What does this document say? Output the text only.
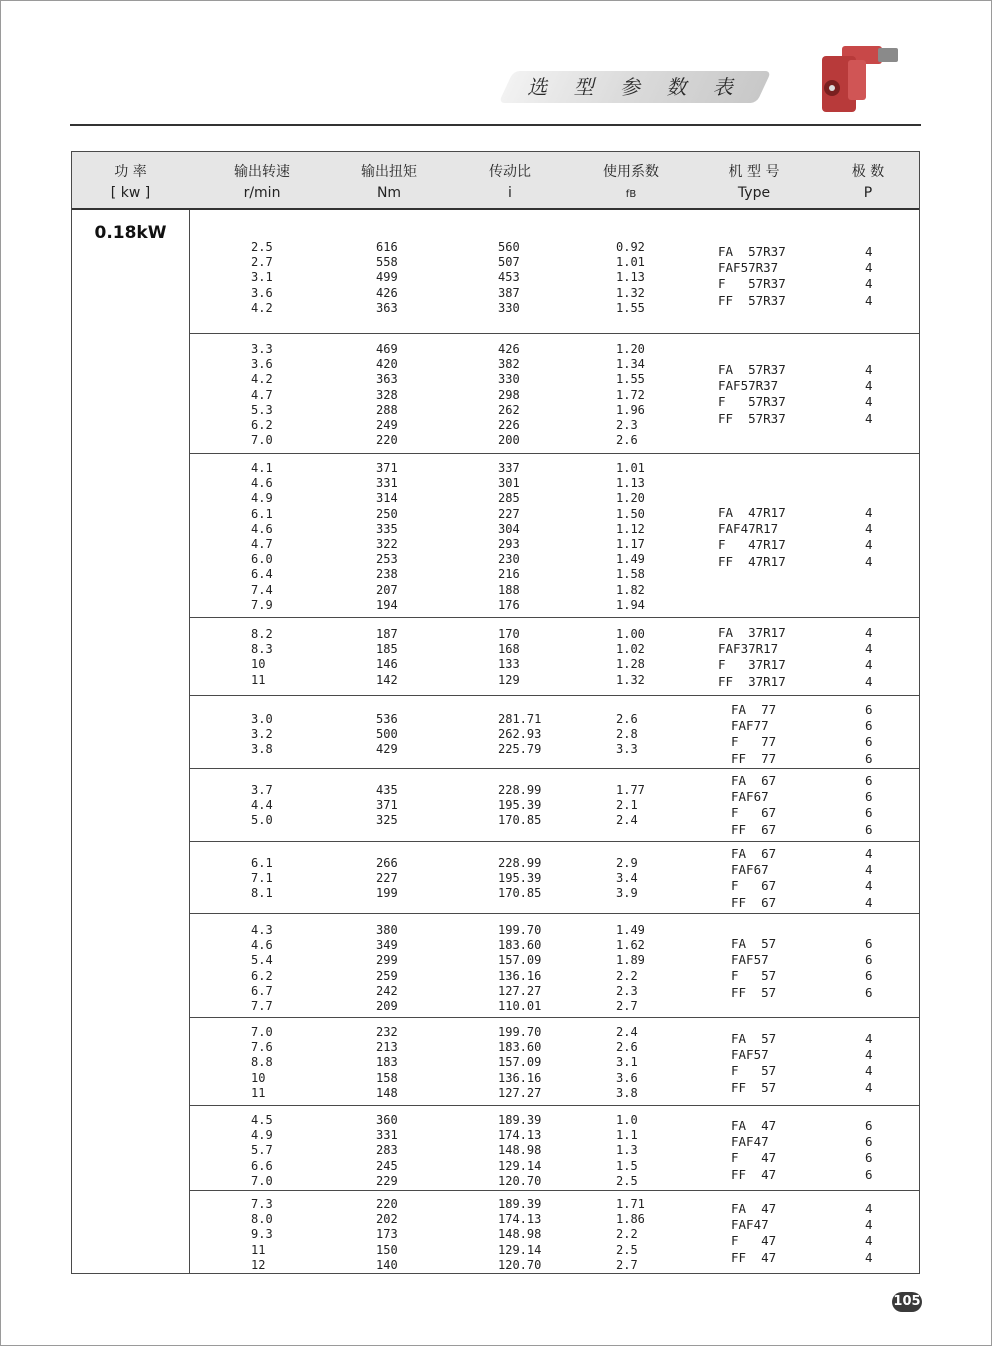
选 型 参 数 表
功 率
[ kw ]
输出转速
r/min
输出扭矩
Nm
传动比
i
使用系数
fB
机 型 号
Type
极 数
P
0.18kW
2.5
2.7
3.1
3.6
4.2
616
558
499
426
363
560
507
453
387
330
0.92
1.01
1.13
1.32
1.55
FA  57R37
FAF57R37
F   57R37
FF  57R37
4
4
4
4
3.3
3.6
4.2
4.7
5.3
6.2
7.0
469
420
363
328
288
249
220
426
382
330
298
262
226
200
1.20
1.34
1.55
1.72
1.96
2.3
2.6
FA  57R37
FAF57R37
F   57R37
FF  57R37
4
4
4
4
4.1
4.6
4.9
6.1
4.6
4.7
6.0
6.4
7.4
7.9
371
331
314
250
335
322
253
238
207
194
337
301
285
227
304
293
230
216
188
176
1.01
1.13
1.20
1.50
1.12
1.17
1.49
1.58
1.82
1.94
FA  47R17
FAF47R17
F   47R17
FF  47R17
4
4
4
4
8.2
8.3
10
11
187
185
146
142
170
168
133
129
1.00
1.02
1.28
1.32
FA  37R17
FAF37R17
F   37R17
FF  37R17
4
4
4
4
3.0
3.2
3.8
536
500
429
281.71
262.93
225.79
2.6
2.8
3.3
FA  77
FAF77
F   77
FF  77
6
6
6
6
3.7
4.4
5.0
435
371
325
228.99
195.39
170.85
1.77
2.1
2.4
FA  67
FAF67
F   67
FF  67
6
6
6
6
6.1
7.1
8.1
266
227
199
228.99
195.39
170.85
2.9
3.4
3.9
FA  67
FAF67
F   67
FF  67
4
4
4
4
4.3
4.6
5.4
6.2
6.7
7.7
380
349
299
259
242
209
199.70
183.60
157.09
136.16
127.27
110.01
1.49
1.62
1.89
2.2
2.3
2.7
FA  57
FAF57
F   57
FF  57
6
6
6
6
7.0
7.6
8.8
10
11
232
213
183
158
148
199.70
183.60
157.09
136.16
127.27
2.4
2.6
3.1
3.6
3.8
FA  57
FAF57
F   57
FF  57
4
4
4
4
4.5
4.9
5.7
6.6
7.0
360
331
283
245
229
189.39
174.13
148.98
129.14
120.70
1.0
1.1
1.3
1.5
2.5
FA  47
FAF47
F   47
FF  47
6
6
6
6
7.3
8.0
9.3
11
12
220
202
173
150
140
189.39
174.13
148.98
129.14
120.70
1.71
1.86
2.2
2.5
2.7
FA  47
FAF47
F   47
FF  47
4
4
4
4
105
